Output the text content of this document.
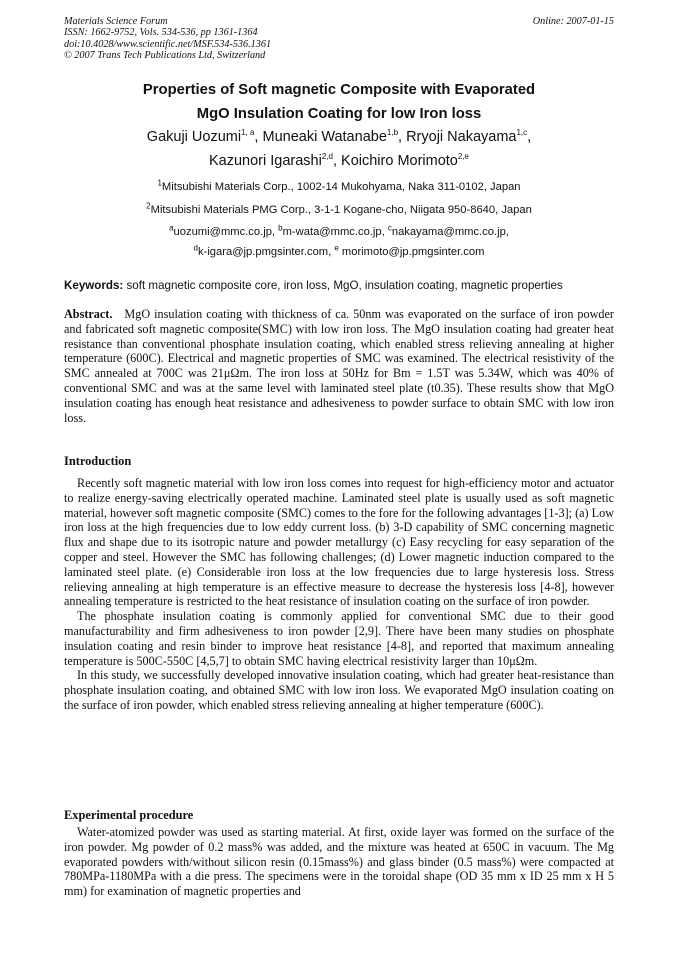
Materials Science Forum
ISSN: 1662-9752, Vols. 534-536, pp 1361-1364
doi:10.4028/www.scientific.net/MSF.534-536.1361
© 2007 Trans Tech Publications Ltd, Switzerland
Online: 2007-01-15
Properties of Soft magnetic Composite with Evaporated
MgO Insulation Coating for low Iron loss
Gakuji Uozumi$^{1, a}$, Muneaki Watanabe$^{1,b}$, Rryoji Nakayama$^{1,c}$,
Kazunori Igarashi$^{2,d}$, Koichiro Morimoto$^{2,e}$
$^1$Mitsubishi Materials Corp., 1002-14 Mukohyama, Naka 311-0102, Japan
$^2$Mitsubishi Materials PMG Corp., 3-1-1 Kogane-cho, Niigata 950-8640, Japan
$^a$uozumi@mmc.co.jp, $^b$m-wata@mmc.co.jp, $^c$nakayama@mmc.co.jp,
$^d$k-igara@jp.pmgsinter.com, $^e$ morimoto@jp.pmgsinter.com
Keywords: soft magnetic composite core, iron loss, MgO, insulation coating, magnetic properties

Abstract.   MgO insulation coating with thickness of ca. 50nm was evaporated on the surface of iron powder and fabricated soft magnetic composite(SMC) with low iron loss. The MgO insulation coating had greater heat resistance than conventional phosphate insulation coating, which enabled stress relieving annealing at higher temperature (600C). Electrical and magnetic properties of SMC was examined. The electrical resistivity of the SMC annealed at 700C was 21μΩm. The iron loss at 50Hz for Bm = 1.5T was 5.34W, which was 40% of conventional SMC and was at the same level with laminated steel plate (t0.35). These results show that MgO insulation coating has enough heat resistance and adhesiveness to powder surface to obtain SMC with low iron loss.

Introduction

Recently soft magnetic material with low iron loss comes into request for high-efficiency motor and actuator to realize energy-saving electrically operated machine. Laminated steel plate is usually used as soft magnetic material, however soft magnetic composite (SMC) comes to the fore for the following advantages [1-3]; (a) Low iron loss at the high frequencies due to low eddy current loss. (b) 3-D capability of SMC concerning magnetic flux and shape due to its isotropic nature and powder metallurgy (c) Easy recycling for easy separation of the copper and steel. However the SMC has following challenges; (d) Lower magnetic induction compared to the laminated steel plate. (e) Considerable iron loss at the low frequencies due to large hysteresis loss. Stress relieving annealing at high temperature is an effective measure to decrease the hysteresis loss [4-8], however annealing temperature is restricted to the heat resistance of insulation coating on the surface of iron powder.

The phosphate insulation coating is commonly applied for conventional SMC due to their good manufacturability and firm adhesiveness to iron powder [2,9]. There have been many studies on phosphate insulation coating and resin binder to improve heat resistance [4-8], and reported that maximum annealing temperature is 500C-550C [4,5,7] to obtain SMC having electrical resistivity larger than 10μΩm.

In this study, we successfully developed innovative insulation coating, which had greater heat-resistance than phosphate insulation coating, and obtained SMC with low iron loss. We evaporated MgO insulation coating on the surface of iron powder, which enabled stress relieving annealing at higher temperature (600C).

Experimental procedure

Water-atomized powder was used as starting material. At first, oxide layer was formed on the surface of the iron powder. Mg powder of 0.2 mass% was added, and the mixture was heated at 650C in vacuum. The Mg evaporated powders with/without silicon resin (0.15mass%) and glass binder (0.5 mass%) were compacted at 780MPa-1180MPa with a die press. The specimens were in the toroidal shape (OD 35 mm x ID 25 mm x H 5 mm) for examination of magnetic properties and
